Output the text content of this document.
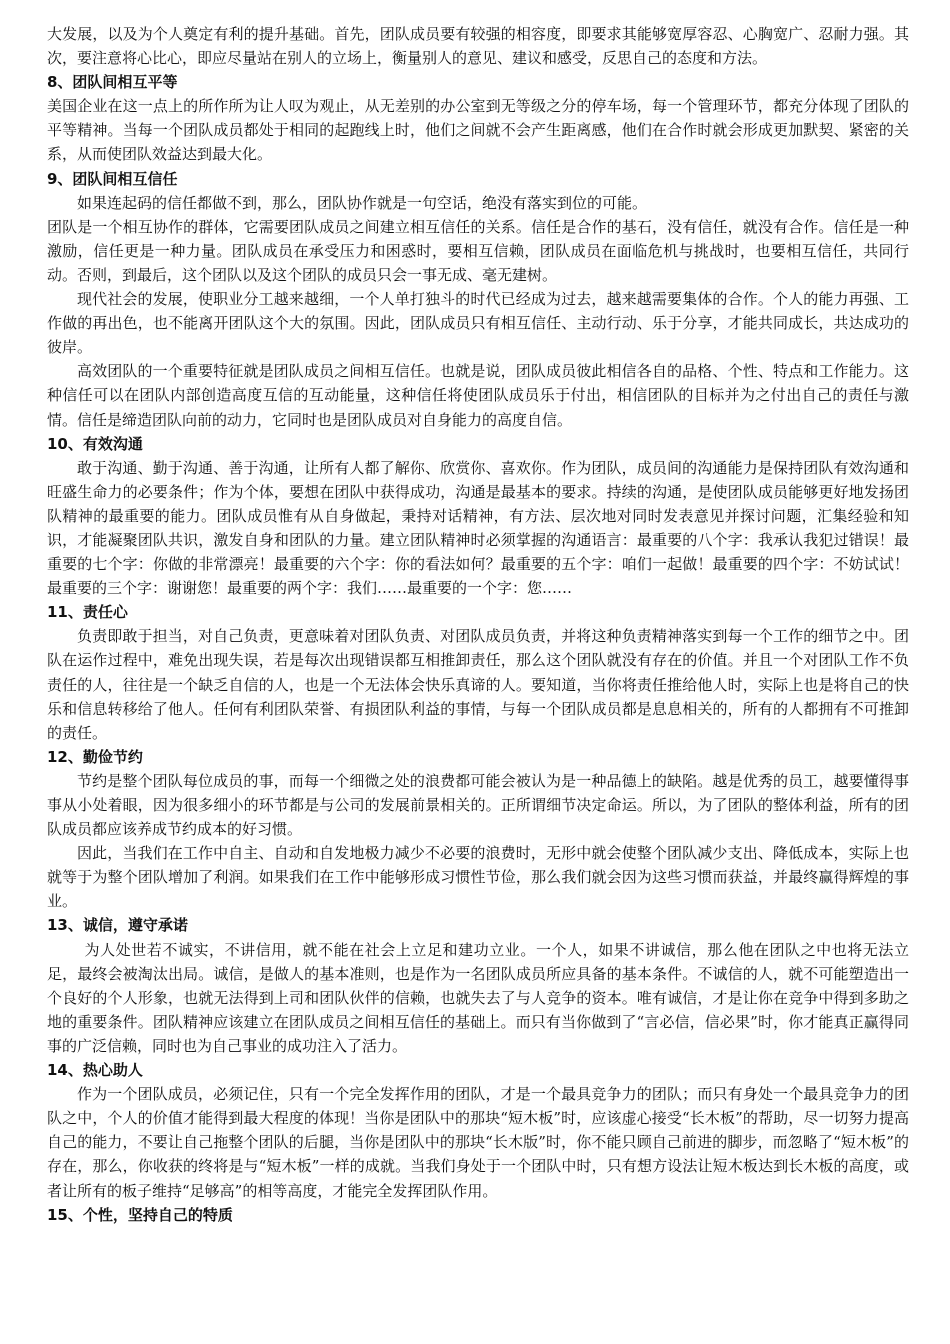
大发展，以及为个人奠定有利的提升基础。首先，团队成员要有较强的相容度，即要求其能够宽厚容忍、心胸宽广、忍耐力强。其次，要注意将心比心，即应尽量站在别人的立场上，衡量别人的意见、建议和感受，反思自己的态度和方法。

8、团队间相互平等

美国企业在这一点上的所作所为让人叹为观止，从无差别的办公室到无等级之分的停车场，每一个管理环节，都充分体现了团队的平等精神。当每一个团队成员都处于相同的起跑线上时，他们之间就不会产生距离感，他们在合作时就会形成更加默契、紧密的关系，从而使团队效益达到最大化。

9、团队间相互信任

如果连起码的信任都做不到，那么，团队协作就是一句空话，绝没有落实到位的可能。

团队是一个相互协作的群体，它需要团队成员之间建立相互信任的关系。信任是合作的基石，没有信任，就没有合作。信任是一种激励，信任更是一种力量。团队成员在承受压力和困惑时，要相互信赖，团队成员在面临危机与挑战时，也要相互信任，共同行动。否则，到最后，这个团队以及这个团队的成员只会一事无成、毫无建树。

现代社会的发展，使职业分工越来越细，一个人单打独斗的时代已经成为过去，越来越需要集体的合作。个人的能力再强、工作做的再出色，也不能离开团队这个大的氛围。因此，团队成员只有相互信任、主动行动、乐于分享，才能共同成长，共达成功的彼岸。

高效团队的一个重要特征就是团队成员之间相互信任。也就是说，团队成员彼此相信各自的品格、个性、特点和工作能力。这种信任可以在团队内部创造高度互信的互动能量，这种信任将使团队成员乐于付出，相信团队的目标并为之付出自己的责任与激情。信任是缔造团队向前的动力，它同时也是团队成员对自身能力的高度自信。

10、有效沟通

敢于沟通、勤于沟通、善于沟通，让所有人都了解你、欣赏你、喜欢你。作为团队，成员间的沟通能力是保持团队有效沟通和旺盛生命力的必要条件；作为个体，要想在团队中获得成功，沟通是最基本的要求。持续的沟通，是使团队成员能够更好地发扬团队精神的最重要的能力。团队成员惟有从自身做起，秉持对话精神，有方法、层次地对同时发表意见并探讨问题，汇集经验和知识，才能凝聚团队共识，激发自身和团队的力量。建立团队精神时必须掌握的沟通语言：最重要的八个字：我承认我犯过错误！最重要的七个字：你做的非常漂亮！最重要的六个字：你的看法如何？最重要的五个字：咱们一起做！最重要的四个字：不妨试试！最重要的三个字：谢谢您！最重要的两个字：我们……最重要的一个字：您……

11、责任心

负责即敢于担当，对自己负责，更意味着对团队负责、对团队成员负责，并将这种负责精神落实到每一个工作的细节之中。团队在运作过程中，难免出现失误，若是每次出现错误都互相推卸责任，那么这个团队就没有存在的价值。并且一个对团队工作不负责任的人，往往是一个缺乏自信的人，也是一个无法体会快乐真谛的人。要知道，当你将责任推给他人时，实际上也是将自己的快乐和信息转移给了他人。任何有利团队荣誉、有损团队利益的事情，与每一个团队成员都是息息相关的，所有的人都拥有不可推卸的责任。

12、勤俭节约

节约是整个团队每位成员的事，而每一个细微之处的浪费都可能会被认为是一种品德上的缺陷。越是优秀的员工，越要懂得事事从小处着眼，因为很多细小的环节都是与公司的发展前景相关的。正所谓细节决定命运。所以，为了团队的整体利益，所有的团队成员都应该养成节约成本的好习惯。

因此，当我们在工作中自主、自动和自发地极力减少不必要的浪费时，无形中就会使整个团队减少支出、降低成本，实际上也就等于为整个团队增加了利润。如果我们在工作中能够形成习惯性节俭，那么我们就会因为这些习惯而获益，并最终赢得辉煌的事业。

13、诚信，遵守承诺

为人处世若不诚实，不讲信用，就不能在社会上立足和建功立业。一个人，如果不讲诚信，那么他在团队之中也将无法立足，最终会被淘汰出局。诚信，是做人的基本准则，也是作为一名团队成员所应具备的基本条件。不诚信的人，就不可能塑造出一个良好的个人形象，也就无法得到上司和团队伙伴的信赖，也就失去了与人竞争的资本。唯有诚信，才是让你在竞争中得到多助之地的重要条件。团队精神应该建立在团队成员之间相互信任的基础上。而只有当你做到了“言必信，信必果”时，你才能真正赢得同事的广泛信赖，同时也为自己事业的成功注入了活力。

14、热心助人

作为一个团队成员，必须记住，只有一个完全发挥作用的团队，才是一个最具竞争力的团队；而只有身处一个最具竞争力的团队之中，个人的价值才能得到最大程度的体现！当你是团队中的那块“短木板”时，应该虚心接受“长木板”的帮助，尽一切努力提高自己的能力，不要让自己拖整个团队的后腿，当你是团队中的那块“长木版”时，你不能只顾自己前进的脚步，而忽略了“短木板”的存在，那么，你收获的终将是与“短木板”一样的成就。当我们身处于一个团队中时，只有想方设法让短木板达到长木板的高度，或者让所有的板子维持“足够高”的相等高度，才能完全发挥团队作用。

15、个性，坚持自己的特质
